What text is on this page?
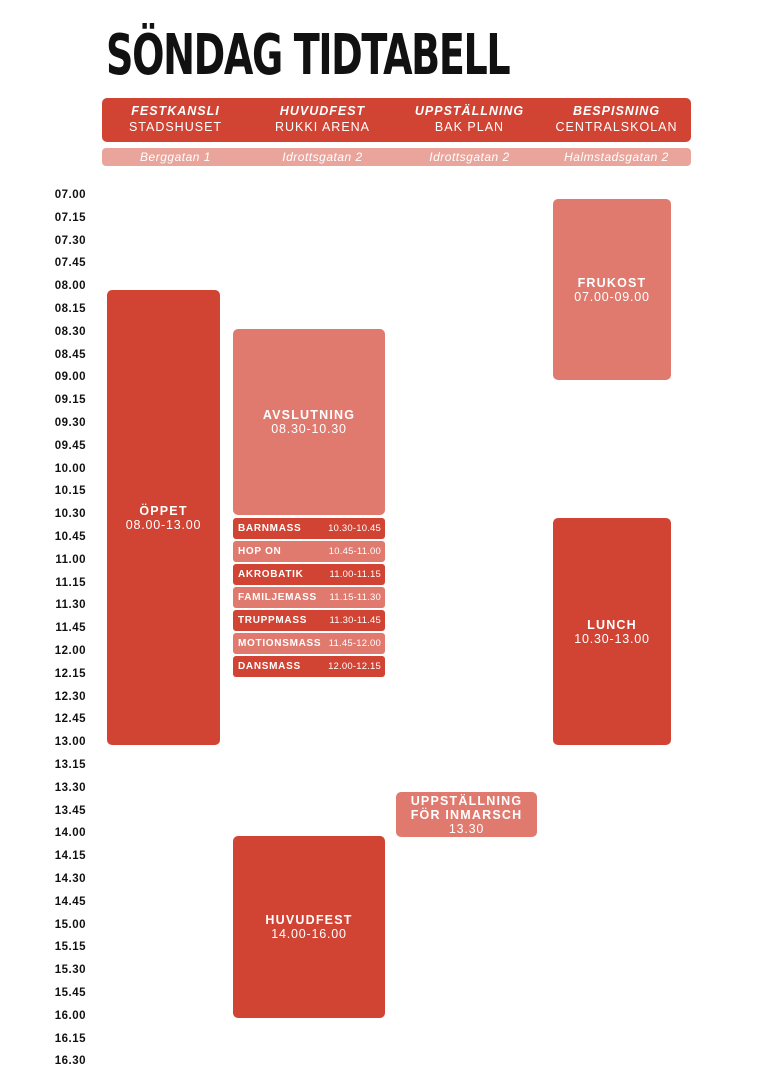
SÖNDAG TIDTABELL
FESTKANSLI
STADSHUSET
HUVUDFEST
RUKKI ARENA
UPPSTÄLLNING
BAK PLAN
BESPISNING
CENTRALSKOLAN
Berggatan 1	Idrottsgatan 2	Idrottsgatan 2	Halmstadsgatan 2
07.00
07.15
07.30
07.45
08.00
08.15
08.30
08.45
09.00
09.15
09.30
09.45
10.00
10.15
10.30
10.45
11.00
11.15
11.30
11.45
12.00
12.15
12.30
12.45
13.00
13.15
13.30
13.45
14.00
14.15
14.30
14.45
15.00
15.15
15.30
15.45
16.00
16.15
16.30
ÖPPET
08.00-13.00
AVSLUTNING
08.30-10.30
BARNMASS	10.30-10.45
HOP ON	10.45-11.00
AKROBATIK	11.00-11.15
FAMILJEMASS 11.15-11.30
TRUPPMASS 11.30-11.45
MOTIONSMASS 11.45-12.00
DANSMASS	12.00-12.15
HUVUDFEST
14.00-16.00
UPPSTÄLLNING
FÖR INMARSCH
13.30
FRUKOST
07.00-09.00
LUNCH
10.30-13.00
